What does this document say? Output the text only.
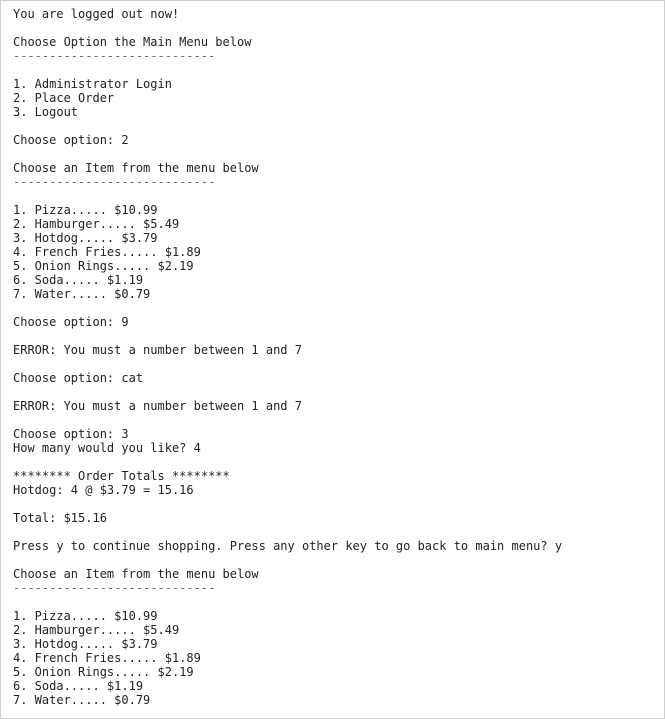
You are logged out now!
Choose Option the Main Menu below
----------------------------
1. Administrator Login
2. Place Order
3. Logout
Choose option: 2
Choose an Item from the menu below
----------------------------
1. Pizza..... $10.99
2. Hamburger..... $5.49
3. Hotdog..... $3.79
4. French Fries..... $1.89
5. Onion Rings..... $2.19
6. Soda..... $1.19
7. Water..... $0.79
Choose option: 9
ERROR: You must a number between 1 and 7
Choose option: cat
ERROR: You must a number between 1 and 7
Choose option: 3
How many would you like? 4
******** Order Totals ********
Hotdog: 4 @ $3.79 = 15.16
Total: $15.16
Press y to continue shopping. Press any other key to go back to main menu? y
Choose an Item from the menu below
----------------------------
1. Pizza..... $10.99
2. Hamburger..... $5.49
3. Hotdog..... $3.79
4. French Fries..... $1.89
5. Onion Rings..... $2.19
6. Soda..... $1.19
7. Water..... $0.79
